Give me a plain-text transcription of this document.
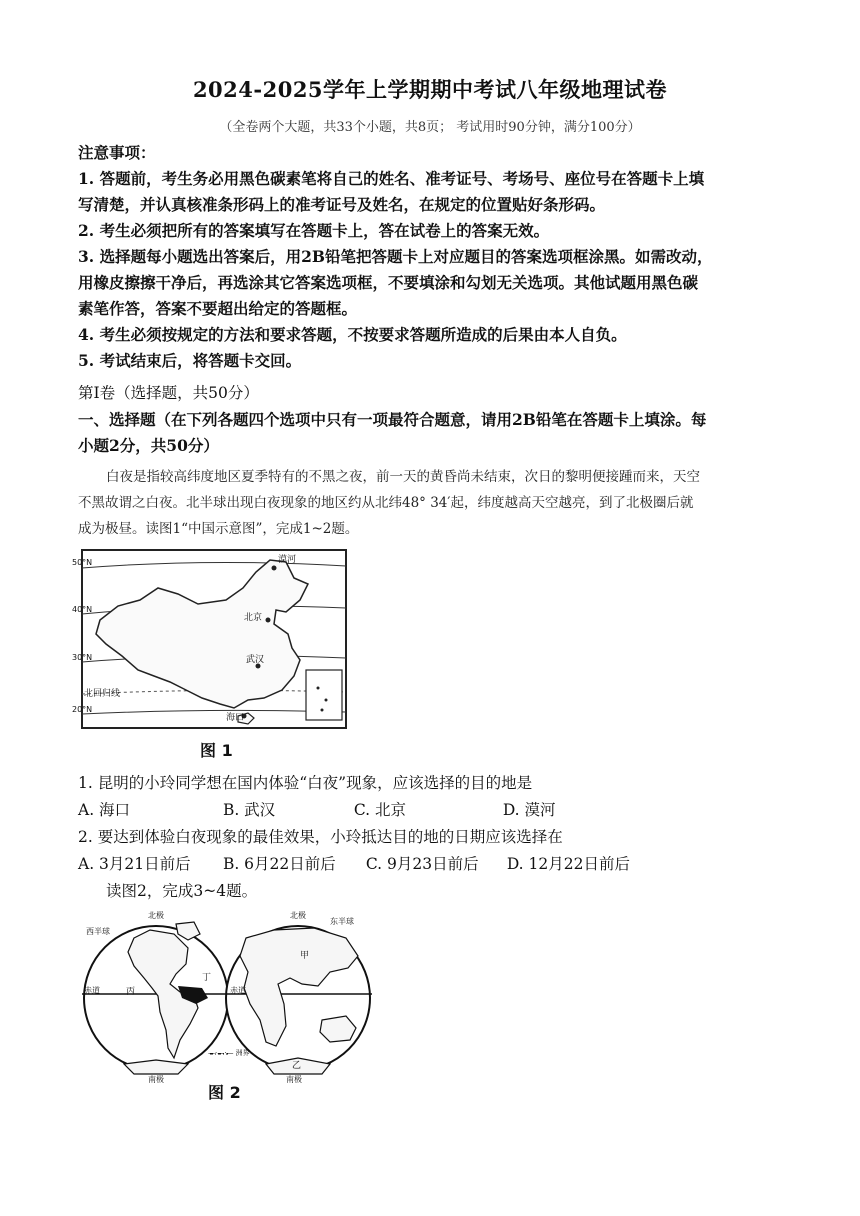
2024-2025学年上学期期中考试八年级地理试卷
（全卷两个大题，共33个小题，共8页； 考试用时90分钟，满分100分）
注意事项：
1. 答题前，考生务必用黑色碳素笔将自己的姓名、准考证号、考场号、座位号在答题卡上填
写清楚，并认真核准条形码上的准考证号及姓名，在规定的位置贴好条形码。
2. 考生必须把所有的答案填写在答题卡上，答在试卷上的答案无效。
3. 选择题每小题选出答案后，用2B铅笔把答题卡上对应题目的答案选项框涂黑。如需改动，
用橡皮擦擦干净后，再选涂其它答案选项框，不要填涂和勾划无关选项。其他试题用黑色碳
素笔作答，答案不要超出给定的答题框。
4. 考生必须按规定的方法和要求答题，不按要求答题所造成的后果由本人自负。
5. 考试结束后，将答题卡交回。
第Ⅰ卷（选择题，共50分）
一、选择题（在下列各题四个选项中只有一项最符合题意，请用2B铅笔在答题卡上填涂。每
小题2分，共50分）
白夜是指较高纬度地区夏季特有的不黑之夜，前一天的黄昏尚未结束，次日的黎明便接踵而来，天空
不黑故谓之白夜。北半球出现白夜现象的地区约从北纬48° 34′起，纬度越高天空越亮，到了北极圈后就
成为极昼。读图1“中国示意图”，完成1~2题。
50°N
40°N
30°N
20°N
北回归线
漠河
北京
武汉
海口
图 1
1. 昆明的小玲同学想在国内体验“白夜”现象，应该选择的目的地是
A. 海口	B. 武汉	C. 北京	D. 漠河
2. 要达到体验白夜现象的最佳效果，小玲抵达目的地的日期应该选择在
A. 3月21日前后 B. 6月22日前后 C. 9月23日前后 D. 12月22日前后
读图2，完成3~4题。
北极
西半球
丁
丙
赤道
南极
北极
东半球
甲
赤道
乙
南极
—·—·— 洲界
图 2
